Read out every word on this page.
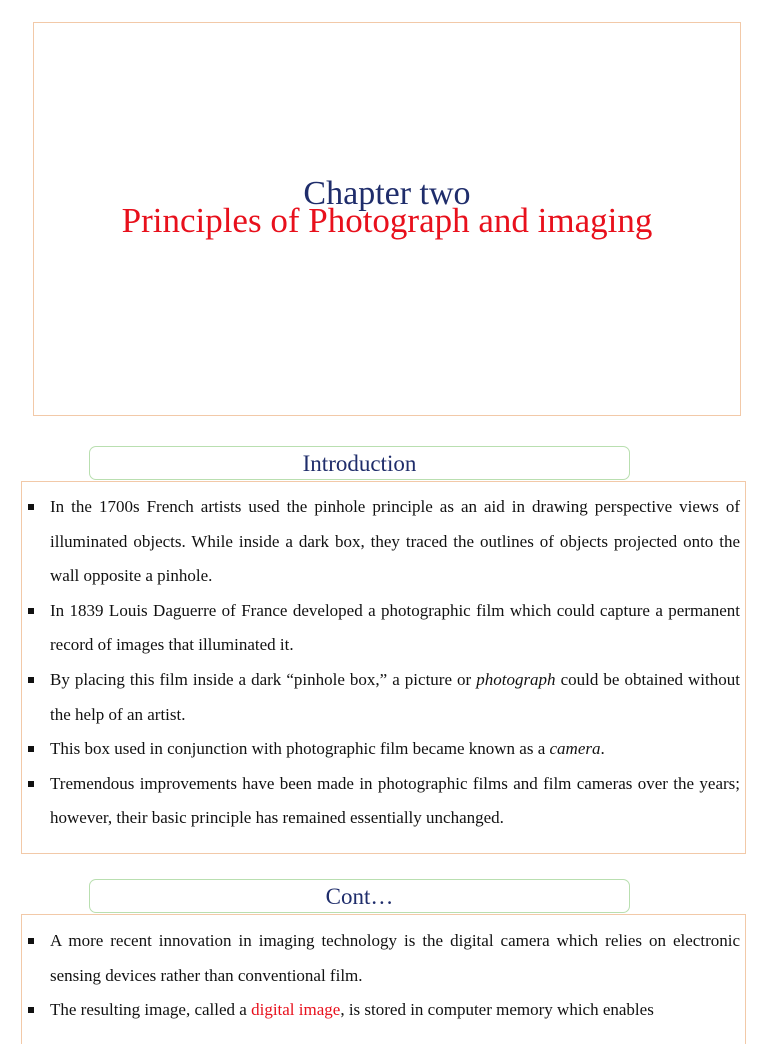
Chapter two
Principles of Photograph and imaging
Introduction
In the 1700s French artists used the pinhole principle as an aid in drawing perspective views of illuminated objects. While inside a dark box, they traced the outlines of objects projected onto the wall opposite a pinhole.
In 1839 Louis Daguerre of France developed a photographic film which could capture a permanent record of images that illuminated it.
By placing this film inside a dark “pinhole box,” a picture or photograph could be obtained without the help of an artist.
This box used in conjunction with photographic film became known as a camera.
Tremendous improvements have been made in photographic films and film cameras over the years; however, their basic principle has remained essentially unchanged.
Cont…
A more recent innovation in imaging technology is the digital camera which relies on electronic sensing devices rather than conventional film.
The resulting image, called a digital image, is stored in computer memory which enables
